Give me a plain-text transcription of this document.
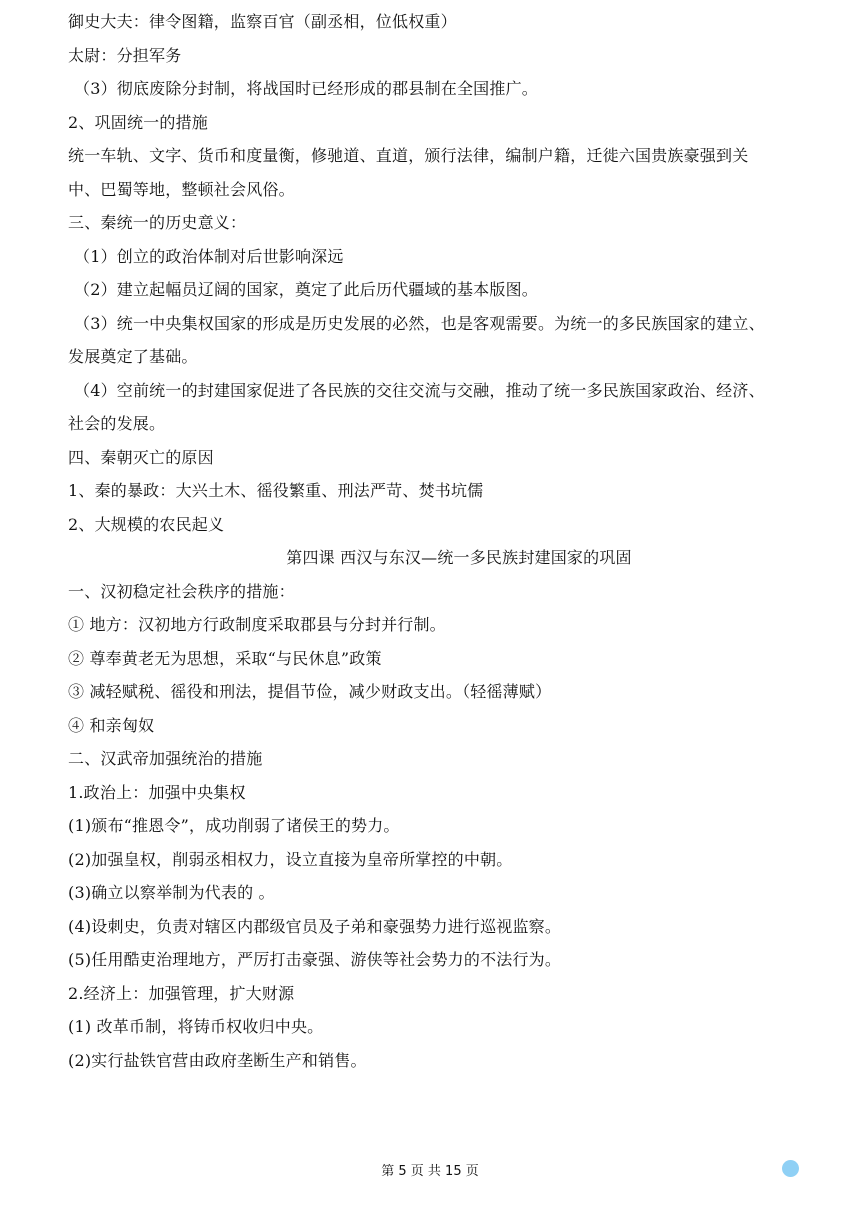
御史大夫：律令图籍，监察百官（副丞相，位低权重）
太尉：分担军务
（3）彻底废除分封制，将战国时已经形成的郡县制在全国推广。
2、巩固统一的措施
统一车轨、文字、货币和度量衡，修驰道、直道，颁行法律，编制户籍，迁徙六国贵族豪强到关
中、巴蜀等地，整顿社会风俗。
三、秦统一的历史意义：
（1）创立的政治体制对后世影响深远
（2）建立起幅员辽阔的国家，奠定了此后历代疆域的基本版图。
（3）统一中央集权国家的形成是历史发展的必然，也是客观需要。为统一的多民族国家的建立、
发展奠定了基础。
（4）空前统一的封建国家促进了各民族的交往交流与交融，推动了统一多民族国家政治、经济、
社会的发展。
四、秦朝灭亡的原因
1、秦的暴政：大兴土木、徭役繁重、刑法严苛、焚书坑儒
2、大规模的农民起义
第四课 西汉与东汉—统一多民族封建国家的巩固
一、汉初稳定社会秩序的措施：
① 地方：汉初地方行政制度采取郡县与分封并行制。
② 尊奉黄老无为思想，采取“与民休息”政策
③ 减轻赋税、徭役和刑法，提倡节俭，减少财政支出。（轻徭薄赋）
④ 和亲匈奴
二、汉武帝加强统治的措施
1.政治上：加强中央集权
(1)颁布“推恩令”，成功削弱了诸侯王的势力。
(2)加强皇权，削弱丞相权力，设立直接为皇帝所掌控的中朝。
(3)确立以察举制为代表的 。
(4)设刺史，负责对辖区内郡级官员及子弟和豪强势力进行巡视监察。
(5)任用酷吏治理地方，严厉打击豪强、游侠等社会势力的不法行为。
2.经济上：加强管理，扩大财源
(1) 改革币制，将铸币权收归中央。
(2)实行盐铁官营由政府垄断生产和销售。
第 5 页 共 15 页
